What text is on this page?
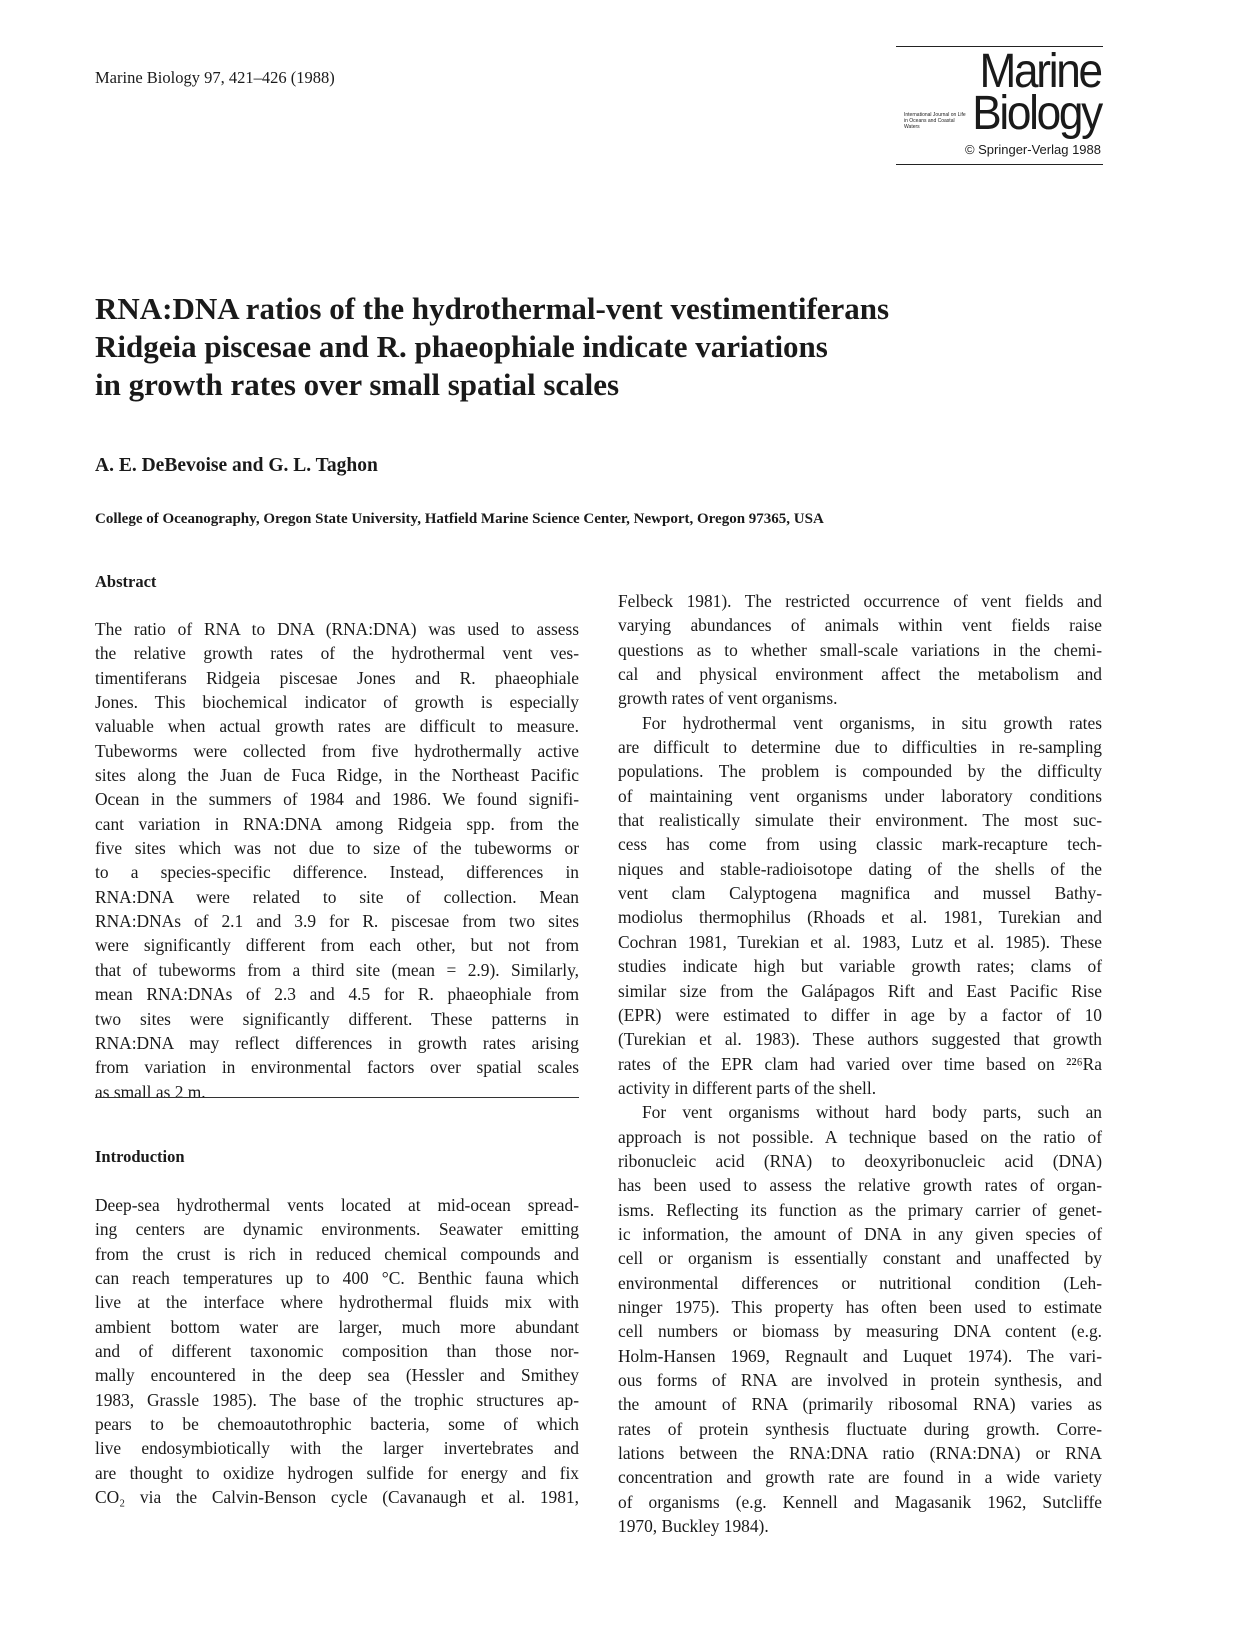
Marine Biology 97, 421–426 (1988)	Marine
International Journal on Life in Oceans and Coastal Waters	Biology
© Springer-Verlag 1988
RNA:DNA ratios of the hydrothermal-vent vestimentiferans
Ridgeia piscesae and R. phaeophiale indicate variations
in growth rates over small spatial scales
A. E. DeBevoise and G. L. Taghon
College of Oceanography, Oregon State University, Hatfield Marine Science Center, Newport, Oregon 97365, USA
Abstract
The ratio of RNA to DNA (RNA:DNA) was used to assess
the relative growth rates of the hydrothermal vent ves-
timentiferans Ridgeia piscesae Jones and R. phaeophiale
Jones. This biochemical indicator of growth is especially
valuable when actual growth rates are difficult to measure.
Tubeworms were collected from five hydrothermally active
sites along the Juan de Fuca Ridge, in the Northeast Pacific
Ocean in the summers of 1984 and 1986. We found signifi-
cant variation in RNA:DNA among Ridgeia spp. from the
five sites which was not due to size of the tubeworms or
to a species-specific difference. Instead, differences in
RNA:DNA were related to site of collection. Mean
RNA:DNAs of 2.1 and 3.9 for R. piscesae from two sites
were significantly different from each other, but not from
that of tubeworms from a third site (mean = 2.9). Similarly,
mean RNA:DNAs of 2.3 and 4.5 for R. phaeophiale from
two sites were significantly different. These patterns in
RNA:DNA may reflect differences in growth rates arising
from variation in environmental factors over spatial scales
as small as 2 m.
Introduction
Deep-sea hydrothermal vents located at mid-ocean spread-
ing centers are dynamic environments. Seawater emitting
from the crust is rich in reduced chemical compounds and
can reach temperatures up to 400 °C. Benthic fauna which
live at the interface where hydrothermal fluids mix with
ambient bottom water are larger, much more abundant
and of different taxonomic composition than those nor-
mally encountered in the deep sea (Hessler and Smithey
1983, Grassle 1985). The base of the trophic structures ap-
pears to be chemoautothrophic bacteria, some of which
live endosymbiotically with the larger invertebrates and
are thought to oxidize hydrogen sulfide for energy and fix
CO₂ via the Calvin-Benson cycle (Cavanaugh et al. 1981,
Felbeck 1981). The restricted occurrence of vent fields and
varying abundances of animals within vent fields raise
questions as to whether small-scale variations in the chemi-
cal and physical environment affect the metabolism and
growth rates of vent organisms.
For hydrothermal vent organisms, in situ growth rates
are difficult to determine due to difficulties in re-sampling
populations. The problem is compounded by the difficulty
of maintaining vent organisms under laboratory conditions
that realistically simulate their environment. The most suc-
cess has come from using classic mark-recapture tech-
niques and stable-radioisotope dating of the shells of the
vent clam Calyptogena magnifica and mussel Bathy-
modiolus thermophilus (Rhoads et al. 1981, Turekian and
Cochran 1981, Turekian et al. 1983, Lutz et al. 1985). These
studies indicate high but variable growth rates; clams of
similar size from the Galápagos Rift and East Pacific Rise
(EPR) were estimated to differ in age by a factor of 10
(Turekian et al. 1983). These authors suggested that growth
rates of the EPR clam had varied over time based on ²²⁶Ra
activity in different parts of the shell.
For vent organisms without hard body parts, such an
approach is not possible. A technique based on the ratio of
ribonucleic acid (RNA) to deoxyribonucleic acid (DNA)
has been used to assess the relative growth rates of organ-
isms. Reflecting its function as the primary carrier of genet-
ic information, the amount of DNA in any given species of
cell or organism is essentially constant and unaffected by
environmental differences or nutritional condition (Leh-
ninger 1975). This property has often been used to estimate
cell numbers or biomass by measuring DNA content (e.g.
Holm-Hansen 1969, Regnault and Luquet 1974). The vari-
ous forms of RNA are involved in protein synthesis, and
the amount of RNA (primarily ribosomal RNA) varies as
rates of protein synthesis fluctuate during growth. Corre-
lations between the RNA:DNA ratio (RNA:DNA) or RNA
concentration and growth rate are found in a wide variety
of organisms (e.g. Kennell and Magasanik 1962, Sutcliffe
1970, Buckley 1984).
